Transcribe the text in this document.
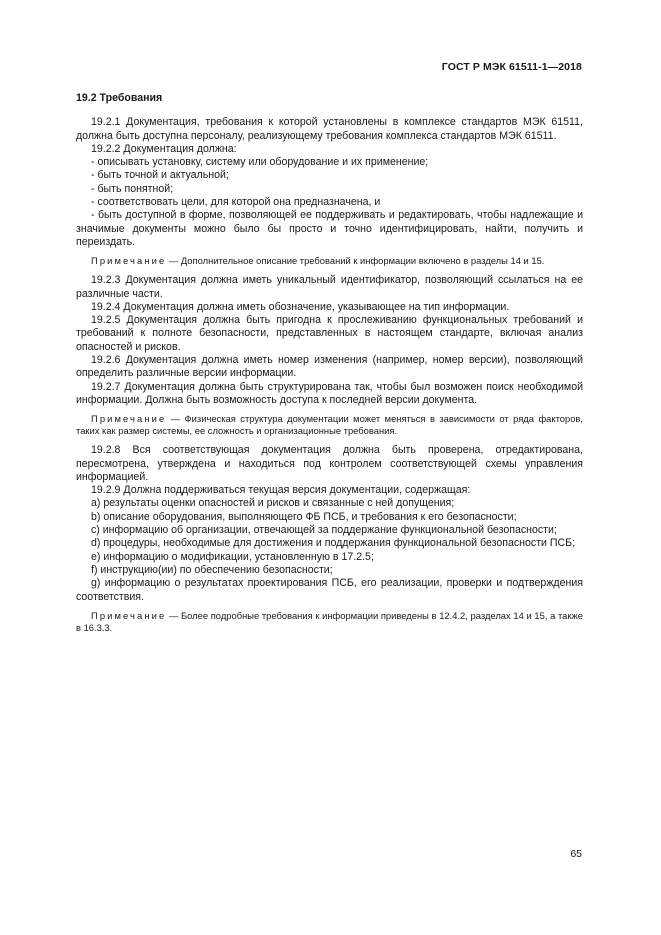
ГОСТ Р МЭК 61511-1—2018
19.2 Требования

19.2.1 Документация, требования к которой установлены в комплексе стандартов МЭК 61511, должна быть доступна персоналу, реализующему требования комплекса стандартов МЭК 61511.

19.2.2 Документация должна:

- описывать установку, систему или оборудование и их применение;

- быть точной и актуальной;

- быть понятной;

- соответствовать цели, для которой она предназначена, и

- быть доступной в форме, позволяющей ее поддерживать и редактировать, чтобы надлежащие и значимые документы можно было бы просто и точно идентифицировать, найти, получить и переиздать.

Примечание — Дополнительное описание требований к информации включено в разделы 14 и 15.

19.2.3 Документация должна иметь уникальный идентификатор, позволяющий ссылаться на ее различные части.

19.2.4 Документация должна иметь обозначение, указывающее на тип информации.

19.2.5 Документация должна быть пригодна к прослеживанию функциональных требований и требований к полноте безопасности, представленных в настоящем стандарте, включая анализ опасностей и рисков.

19.2.6 Документация должна иметь номер изменения (например, номер версии), позволяющий определить различные версии информации.

19.2.7 Документация должна быть структурирована так, чтобы был возможен поиск необходимой информации. Должна быть возможность доступа к последней версии документа.

Примечание — Физическая структура документации может меняться в зависимости от ряда факторов, таких как размер системы, ее сложность и организационные требования.

19.2.8 Вся соответствующая документация должна быть проверена, отредактирована, пересмотрена, утверждена и находиться под контролем соответствующей схемы управления информацией.

19.2.9 Должна поддерживаться текущая версия документации, содержащая:

a) результаты оценки опасностей и рисков и связанные с ней допущения;

b) описание оборудования, выполняющего ФБ ПСБ, и требования к его безопасности;

c) информацию об организации, отвечающей за поддержание функциональной безопасности;

d) процедуры, необходимые для достижения и поддержания функциональной безопасности ПСБ;

e) информацию о модификации, установленную в 17.2.5;

f) инструкцию(ии) по обеспечению безопасности;

g) информацию о результатах проектирования ПСБ, его реализации, проверки и подтверждения соответствия.

Примечание — Более подробные требования к информации приведены в 12.4.2, разделах 14 и 15, а также в 16.3.3.

65
